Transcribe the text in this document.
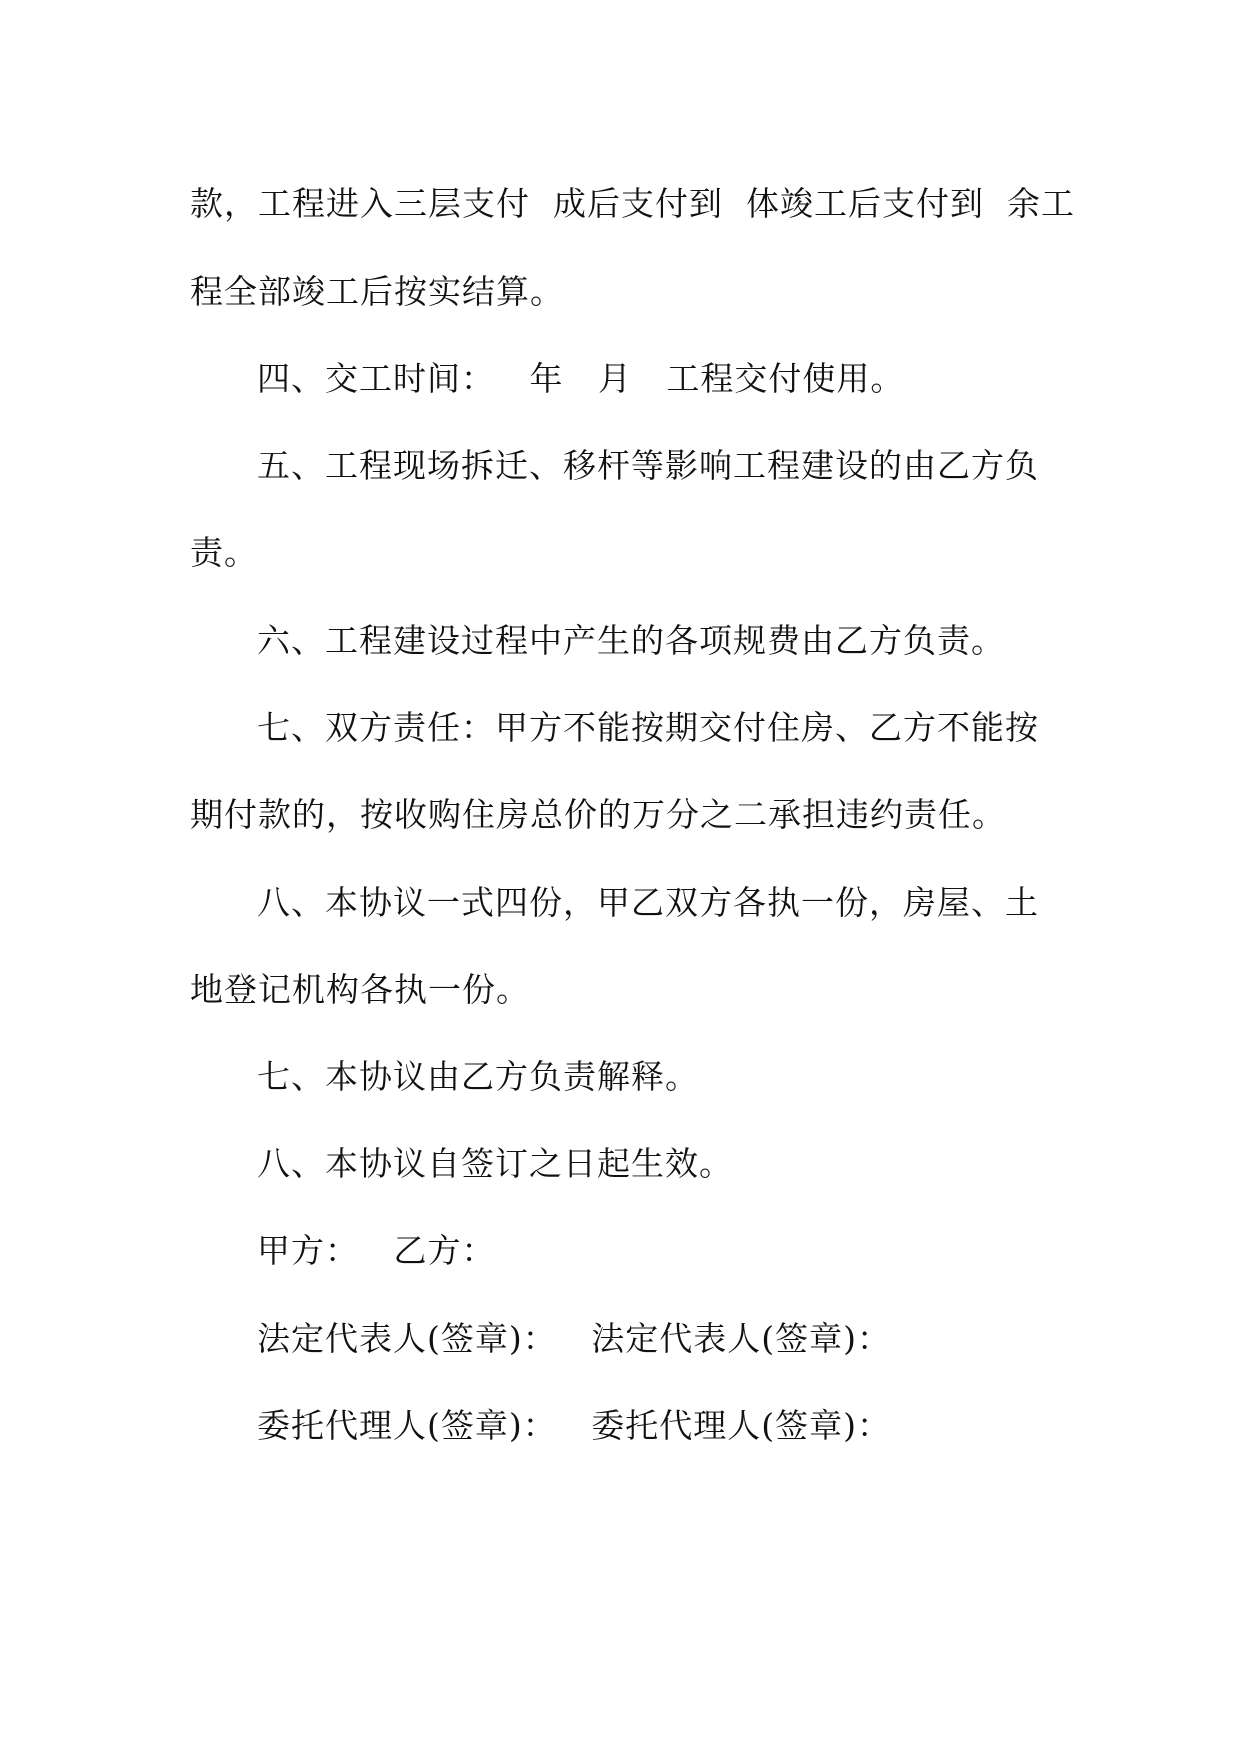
款，工程进入三层支付  成后支付到  体竣工后支付到  余工
程全部竣工后按实结算。
四、交工时间：   年   月   工程交付使用。
五、工程现场拆迁、移杆等影响工程建设的由乙方负
责。
六、工程建设过程中产生的各项规费由乙方负责。
七、双方责任：甲方不能按期交付住房、乙方不能按
期付款的，按收购住房总价的万分之二承担违约责任。
八、本协议一式四份，甲乙双方各执一份，房屋、土
地登记机构各执一份。
七、本协议由乙方负责解释。
八、本协议自签订之日起生效。
甲方：   乙方：
法定代表人(签章)：   法定代表人(签章)：
委托代理人(签章)：   委托代理人(签章)：
